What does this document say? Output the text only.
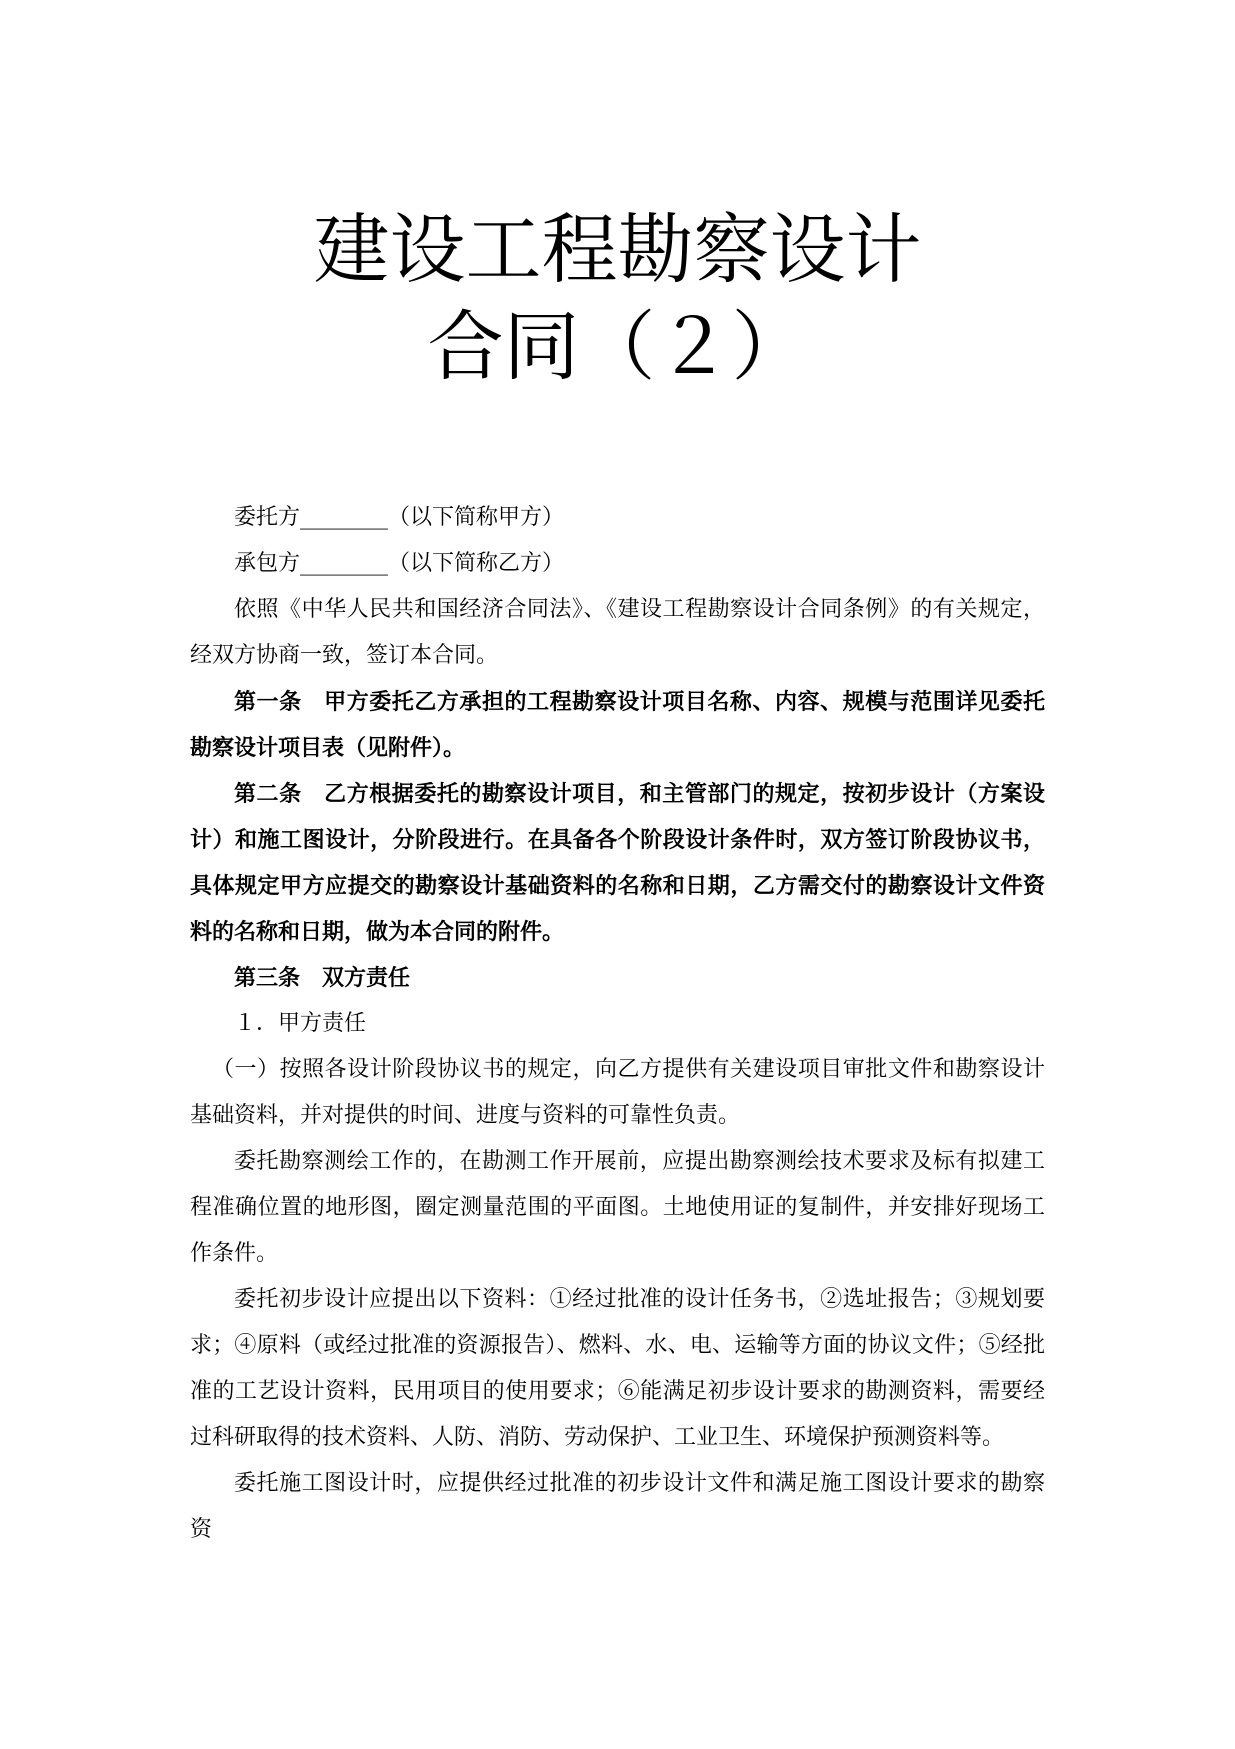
建设工程勘察设计
合同（２）

委托方________（以下简称甲方）

承包方________（以下简称乙方）

依照《中华人民共和国经济合同法》、《建设工程勘察设计合同条例》的有关规定，经双方协商一致，签订本合同。

第一条　甲方委托乙方承担的工程勘察设计项目名称、内容、规模与范围详见委托勘察设计项目表（见附件）。

第二条　乙方根据委托的勘察设计项目，和主管部门的规定，按初步设计（方案设计）和施工图设计，分阶段进行。在具备各个阶段设计条件时，双方签订阶段协议书，具体规定甲方应提交的勘察设计基础资料的名称和日期，乙方需交付的勘察设计文件资料的名称和日期，做为本合同的附件。

第三条　双方责任

１．甲方责任

（一）按照各设计阶段协议书的规定，向乙方提供有关建设项目审批文件和勘察设计基础资料，并对提供的时间、进度与资料的可靠性负责。

委托勘察测绘工作的，在勘测工作开展前，应提出勘察测绘技术要求及标有拟建工程准确位置的地形图，圈定测量范围的平面图。土地使用证的复制件，并安排好现场工作条件。

委托初步设计应提出以下资料：①经过批准的设计任务书，②选址报告；③规划要求；④原料（或经过批准的资源报告）、燃料、水、电、运输等方面的协议文件；⑤经批准的工艺设计资料，民用项目的使用要求；⑥能满足初步设计要求的勘测资料，需要经过科研取得的技术资料、人防、消防、劳动保护、工业卫生、环境保护预测资料等。

委托施工图设计时，应提供经过批准的初步设计文件和满足施工图设计要求的勘察资
